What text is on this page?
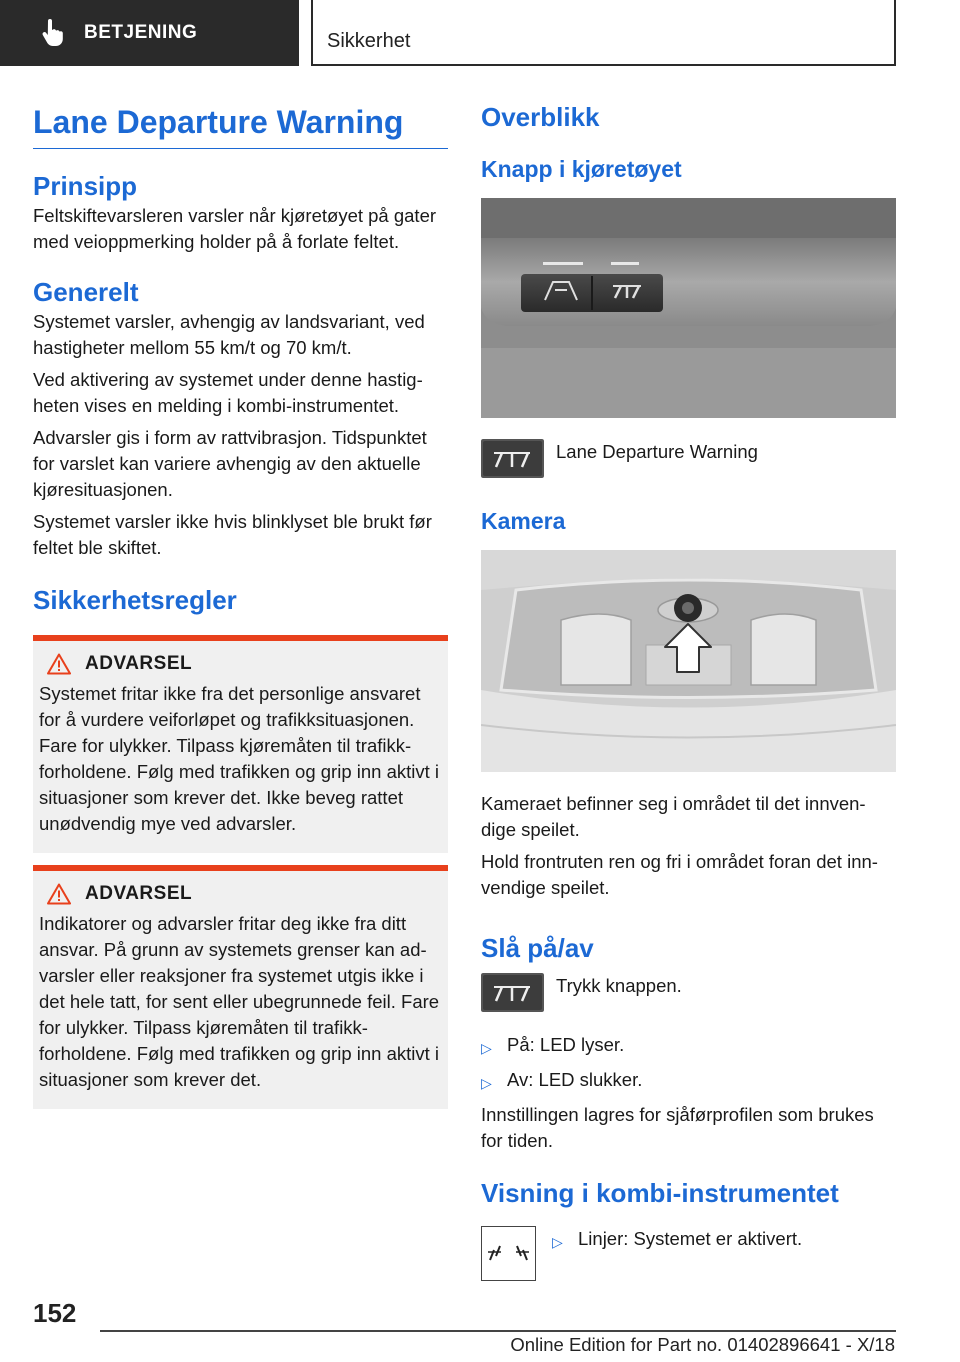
BETJENING	Sikkerhet
Lane Departure Warning
Prinsipp
Feltskiftevarsleren varsler når kjøretøyet på gater med veioppmerking holder på å forlate feltet.
Generelt
Systemet varsler, avhengig av landsvariant, ved hastigheter mellom 55 km/t og 70 km/t.
Ved aktivering av systemet under denne hastig-heten vises en melding i kombi-instrumentet.
Advarsler gis i form av rattvibrasjon. Tidspunktet for varslet kan variere avhengig av den aktuelle kjøresituasjonen.
Systemet varsler ikke hvis blinklyset ble brukt før feltet ble skiftet.
Sikkerhetsregler
ADVARSEL
Systemet fritar ikke fra det personlige ansvaret for å vurdere veiforløpet og trafikksituasjonen. Fare for ulykker. Tilpass kjøremåten til trafikk-forholdene. Følg med trafikken og grip inn aktivt i situasjoner som krever det. Ikke beveg rattet unødvendig mye ved advarsler.
ADVARSEL
Indikatorer og advarsler fritar deg ikke fra ditt ansvar. På grunn av systemets grenser kan ad-varsler eller reaksjoner fra systemet utgis ikke i det hele tatt, for sent eller ubegrunnede feil. Fare for ulykker. Tilpass kjøremåten til trafikk-forholdene. Følg med trafikken og grip inn aktivt i situasjoner som krever det.
Overblikk
Knapp i kjøretøyet
Lane Departure Warning
Kamera
Kameraet befinner seg i området til det innven-dige speilet.
Hold frontruten ren og fri i området foran det inn-vendige speilet.
Slå på/av
Trykk knappen.
▷ På: LED lyser.
▷ Av: LED slukker.
Innstillingen lagres for sjåførprofilen som brukes for tiden.
Visning i kombi-instrumentet
▷ Linjer: Systemet er aktivert.
152
Online Edition for Part no. 01402896641 - X/18
